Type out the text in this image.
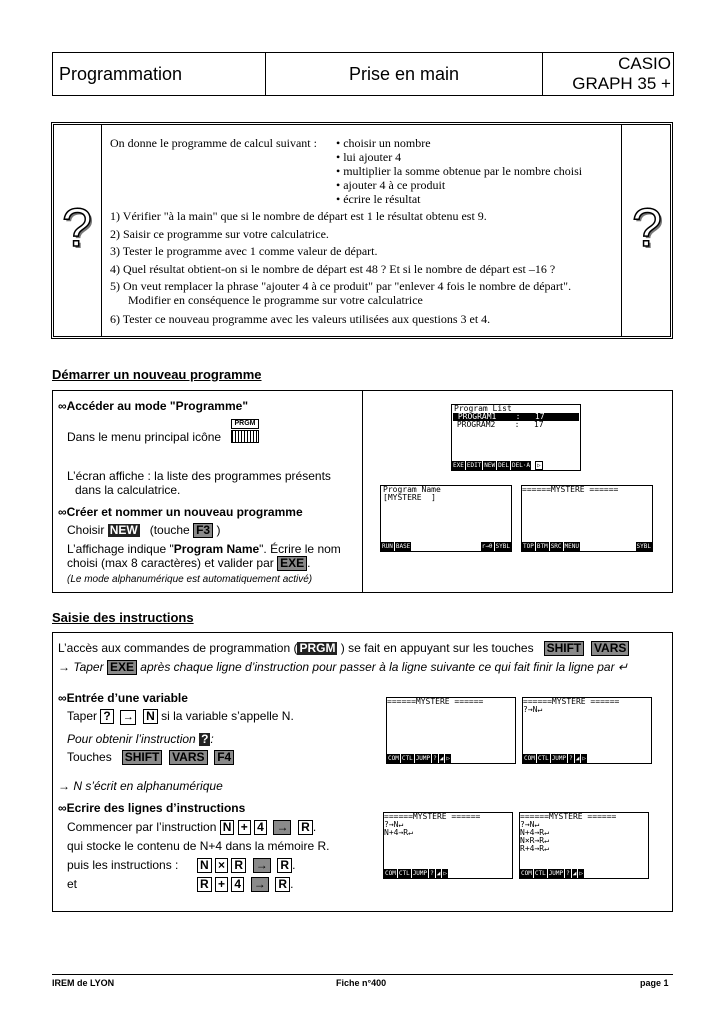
Programmation	Prise en main	CASIO
GRAPH 35 +
?	?
On donne le programme de calcul suivant : • choisir un nombre
• lui ajouter 4
• multiplier la somme obtenue par le nombre choisi
• ajouter 4 à ce produit
• écrire le résultat
1) Vérifier "à la main" que si le nombre de départ est 1 le résultat obtenu est 9.
2) Saisir ce programme sur votre calculatrice.
3) Tester le programme avec 1 comme valeur de départ.
4) Quel résultat obtient-on si le nombre de départ est 48 ? Et si le nombre de départ est –16 ?
5) On veut remplacer la phrase "ajouter 4 à ce produit" par "enlever 4 fois le nombre de départ".
Modifier en conséquence le programme sur votre calculatrice
6) Tester ce nouveau programme avec les valeurs utilisées aux questions 3 et 4.
Démarrer un nouveau programme
∞Accéder au mode "Programme"
Dans le menu principal icône
PRGM
L’écran affiche : la liste des programmes présents
dans la calculatrice.
∞Créer et nommer un nouveau programme
Choisir NEW (touche F3 )
L’affichage indique "Program Name". Écrire le nom
choisi (max 8 caractères) et valider par EXE .
(Le mode alphanumérique est automatiquement activé)
Program List
PROGRAM1    :   17
PROGRAM2    :   17
EXE EDIT NEW DEL DEL·A	▷
Program Name
[MYSTERE  ]
RUN BASE	r→θ SYBL
======MYSTERE ======
TOP BTM SRC MENU	SYBL
Saisie des instructions
L’accès aux commandes de programmation ( PRGM ) se fait en appuyant sur les touches SHIFT VARS
→ Taper EXE après chaque ligne d’instruction pour passer à la ligne suivante ce qui fait finir la ligne par ↵
∞Entrée d’une variable
Taper ? → N si la variable s’appelle N.
Pour obtenir l’instruction ? :
Touches SHIFT VARS F4
→ N s’écrit en alphanumérique
∞Ecrire des lignes d’instructions
Commencer par l’instruction N + 4 → R .
qui stocke le contenu de N+4 dans la mémoire R.
puis les instructions : N × R → R .
et	R + 4 → R .
======MYSTERE ======
COM CTL JUMP ? ◢ ▷
======MYSTERE ======
?→N↵
COM CTL JUMP ? ◢ ▷
======MYSTERE ======
?→N↵
N+4→R↵
COM CTL JUMP ? ◢ ▷
======MYSTERE ======
?→N↵
N+4→R↵
N×R→R↵
R+4→R↵
COM CTL JUMP ? ◢ ▷
IREM de LYON	Fiche n°400	page 1
